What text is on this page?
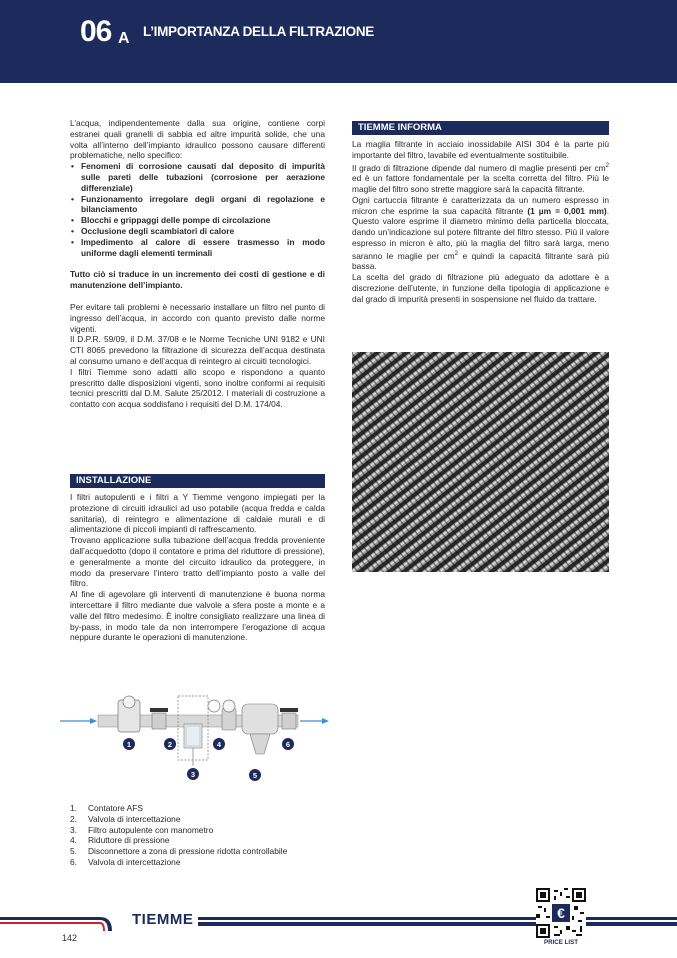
06 A L’IMPORTANZA DELLA FILTRAZIONE

L’acqua, indipendentemente dalla sua origine, contiene corpi estranei quali granelli di sabbia ed altre impurità solide, che una volta all’interno dell’impianto idraulico possono causare differenti problematiche, nello specifico:

• Fenomeni di corrosione causati dal deposito di impurità sulle pareti delle tubazioni (corrosione per aerazione differenziale)
• Funzionamento irregolare degli organi di regolazione e bilanciamento
• Blocchi e grippaggi delle pompe di circolazione
• Occlusione degli scambiatori di calore
• Impedimento al calore di essere trasmesso in modo uniforme dagli elementi terminali

Tutto ciò si traduce in un incremento dei costi di gestione e di manutenzione dell’impianto.

Per evitare tali problemi è necessario installare un filtro nel punto di ingresso dell’acqua, in accordo con quanto previsto dalle norme vigenti.

Il D.P.R. 59/09, il D.M. 37/08 e le Norme Tecniche UNI 9182 e UNI CTI 8065 prevedono la filtrazione di sicurezza dell’acqua destinata al consumo umano e dell’acqua di reintegro ai circuiti tecnologici.

I filtri Tiemme sono adatti allo scopo e rispondono a quanto prescritto dalle disposizioni vigenti, sono inoltre conformi ai requisiti tecnici prescritti dal D.M. Salute 25/2012. I materiali di costruzione a contatto con acqua soddisfano i requisiti del D.M. 174/04.

INSTALLAZIONE

I filtri autopulenti e i filtri a Y Tiemme vengono impiegati per la protezione di circuiti idraulici ad uso potabile (acqua fredda e calda sanitaria), di reintegro e alimentazione di caldaie murali e di alimentazione di piccoli impianti di raffrescamento.

Trovano applicazione sulla tubazione dell’acqua fredda proveniente dall’acquedotto (dopo il contatore e prima del riduttore di pressione), e generalmente a monte del circuito idraulico da proteggere, in modo da preservare l’intero tratto dell’impianto posto a valle del filtro.

Al fine di agevolare gli interventi di manutenzione è buona norma intercettare il filtro mediante due valvole a sfera poste a monte e a valle del filtro medesimo. È inoltre consigliato realizzare una linea di by-pass, in modo tale da non interrompere l’erogazione di acqua neppure durante le operazioni di manutenzione.

1	2
3
4
5
6
1.	Contatore AFS
2.	Valvola di intercettazione
3.	Filtro autopulente con manometro
4.	Riduttore di pressione
5.	Disconnettore a zona di pressione ridotta controllabile
6.	Valvola di intercettazione
TIEMME INFORMA

La maglia filtrante in acciaio inossidabile AISI 304 è la parte più importante del filtro, lavabile ed eventualmente sostituibile.

Il grado di filtrazione dipende dal numero di maglie presenti per $cm^2$ ed è un fattore fondamentale per la scelta corretta del filtro. Più le maglie del filtro sono strette maggiore sarà la capacità filtrante.

Ogni cartuccia filtrante è caratterizzata da un numero espresso in micron che esprime la sua capacità filtrante (1 µm = 0,001 mm). Questo valore esprime il diametro minimo della particella bloccata, dando un’indicazione sul potere filtrante del filtro stesso. Più il valore espresso in micron è alto, più la maglia del filtro sarà larga, meno saranno le maglie per $cm^2$ e quindi la capacità filtrante sarà più bassa.

La scelta del grado di filtrazione più adeguato da adottare è a discrezione dell’utente, in funzione della tipologia di applicazione e dal grado di impurità presenti in sospensione nel fluido da trattare.

TIEMME
142
€
PRICE LIST
